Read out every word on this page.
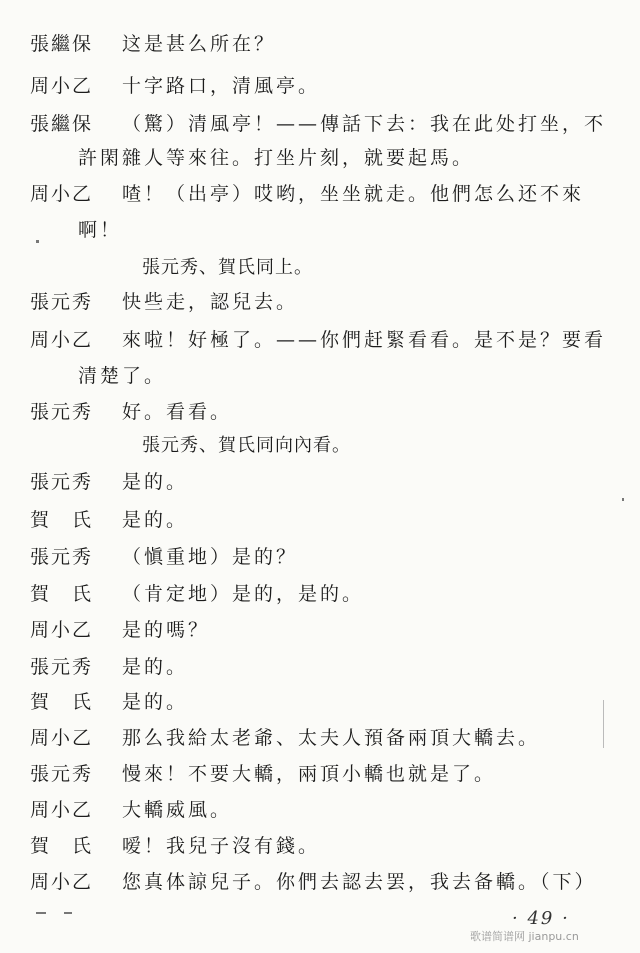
張繼保	这是甚么所在？
周小乙	十字路口，清風亭。
張繼保	（驚）清風亭！——傳話下去：我在此处打坐，不
許閑雜人等來往。打坐片刻，就要起馬。
周小乙	喳！（出亭）哎哟，坐坐就走。他們怎么还不來
啊！
張元秀、賀氏同上。
張元秀	快些走，認兒去。
周小乙	來啦！好極了。——你們赶緊看看。是不是？要看
清楚了。
張元秀	好。看看。
張元秀、賀氏同向內看。
張元秀	是的。
賀　氏	是的。
張元秀	（愼重地）是的？
賀　氏	（肯定地）是的，是的。
周小乙	是的嗎？
張元秀	是的。
賀　氏	是的。
周小乙	那么我給太老爺、太夫人預备兩頂大轎去。
張元秀	慢來！不要大轎，兩頂小轎也就是了。
周小乙	大轎威風。
賀　氏	嗳！我兒子沒有錢。
周小乙	您真体諒兒子。你們去認去罢，我去备轎。（下）
· 49 ·
歌谱简谱网 jianpu.cn
